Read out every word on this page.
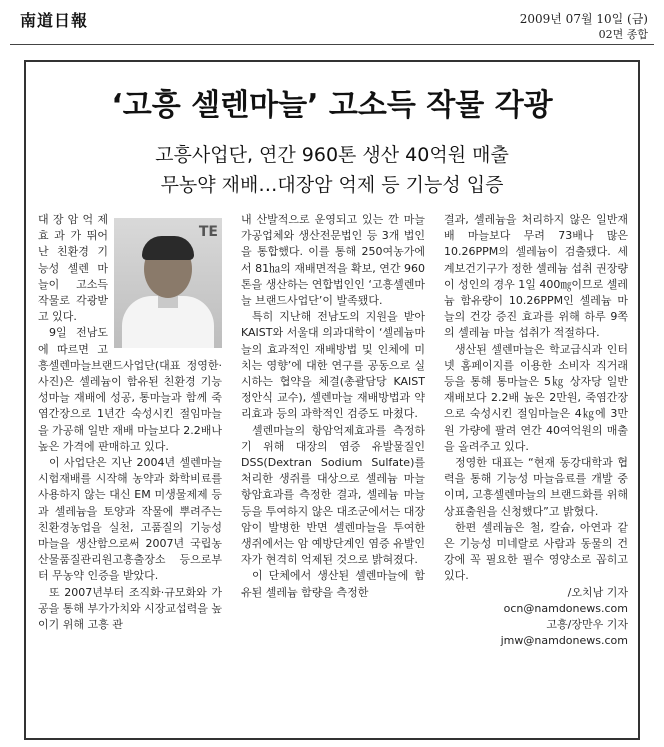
南道日報	2009년 07월 10일 (금)
02면 종합
‘고흥 셀렌마늘’ 고소득 작물 각광
고흥사업단, 연간 960톤 생산 40억원 매출
무농약 재배…대장암 억제 등 기능성 입증
TE

대 장 암 억 제 효 과 가 뛰어난 친환경 기능성 셀렌 마늘이 고소득 작물로 각광받고 있다.

9일 전남도에 따르면 고흥셀렌마늘브랜드사업단(대표 정영한·사진)은 셀레늄이 함유된 친환경 기능성마늘 재배에 성공, 통마늘과 함께 죽염간장으로 1년간 숙성시킨 절임마늘을 가공해 일반 재배 마늘보다 2.2배나 높은 가격에 판매하고 있다.

이 사업단은 지난 2004년 셀렌마늘 시험재배를 시작해 농약과 화학비료를 사용하지 않는 대신 EM 미생물제제 등과 셀레늄을 토양과 작물에 뿌려주는 친환경농업을 실천, 고품질의 기능성 마늘을 생산함으로써 2007년 국립농산물품질관리원고흥출장소 등으로부터 무농약 인증을 받았다.

또 2007년부터 조직화·규모화와 가공을 통해 부가가치와 시장교섭력을 높이기 위해 고흥 관

내 산발적으로 운영되고 있는 깐 마늘 가공업체와 생산전문법인 등 3개 법인을 통합했다. 이를 통해 250여농가에서 81㏊의 재배면적을 확보, 연간 960톤을 생산하는 연합법인인 ‘고흥셀렌마늘 브랜드사업단’이 발족됐다.

특히 지난해 전남도의 지원을 받아 KAIST와 서울대 의과대학이 ‘셀레늄마늘의 효과적인 재배방법 및 인체에 미치는 영향’에 대한 연구를 공동으로 실시하는 협약을 체결(총괄담당 KAIST 정안식 교수), 셀렌마늘 재배방법과 약리효과 등의 과학적인 검증도 마쳤다.

셀렌마늘의 항암억제효과를 측정하기 위해 대장의 염증 유발물질인 DSS(Dextran Sodium Sulfate)를 처리한 생쥐를 대상으로 셀레늄 마늘 항암효과를 측정한 결과, 셀레늄 마늘 등을 투여하지 않은 대조군에서는 대장암이 발병한 반면 셀렌마늘을 투여한 생쥐에서는 암 예방단계인 염증 유발인자가 현격히 억제된 것으로 밝혀졌다.

이 단체에서 생산된 셀렌마늘에 함유된 셀레늄 함량을 측정한

결과, 셀레늄을 처리하지 않은 일반재배 마늘보다 무려 73배나 많은 10.26PPM의 셀레늄이 검출됐다. 세계보건기구가 정한 셀레늄 섭취 권장량이 성인의 경우 1일 400㎎이므로 셀레늄 함유량이 10.26PPM인 셀레늄 마늘의 건강 증진 효과를 위해 하루 9쪽의 셀레늄 마늘 섭취가 적절하다.

생산된 셀렌마늘은 학교급식과 인터넷 홈페이지를 이용한 소비자 직거래 등을 통해 통마늘은 5㎏ 상자당 일반재배보다 2.2배 높은 2만원, 죽염간장으로 숙성시킨 절임마늘은 4㎏에 3만원 가량에 팔려 연간 40여억원의 매출을 올려주고 있다.

정영한 대표는 “현재 동강대학과 협력을 통해 기능성 마늘음료를 개발 중이며, 고흥셀렌마늘의 브랜드화를 위해 상표출원을 신청했다”고 밝혔다.

한편 셀레늄은 철, 칼슘, 아연과 같은 기능성 미네랄로 사람과 동물의 건강에 꼭 필요한 필수 영양소로 꼽히고 있다.

/오치남 기자 ocn@namdonews.com

고흥/장만우 기자

jmw@namdonews.com
